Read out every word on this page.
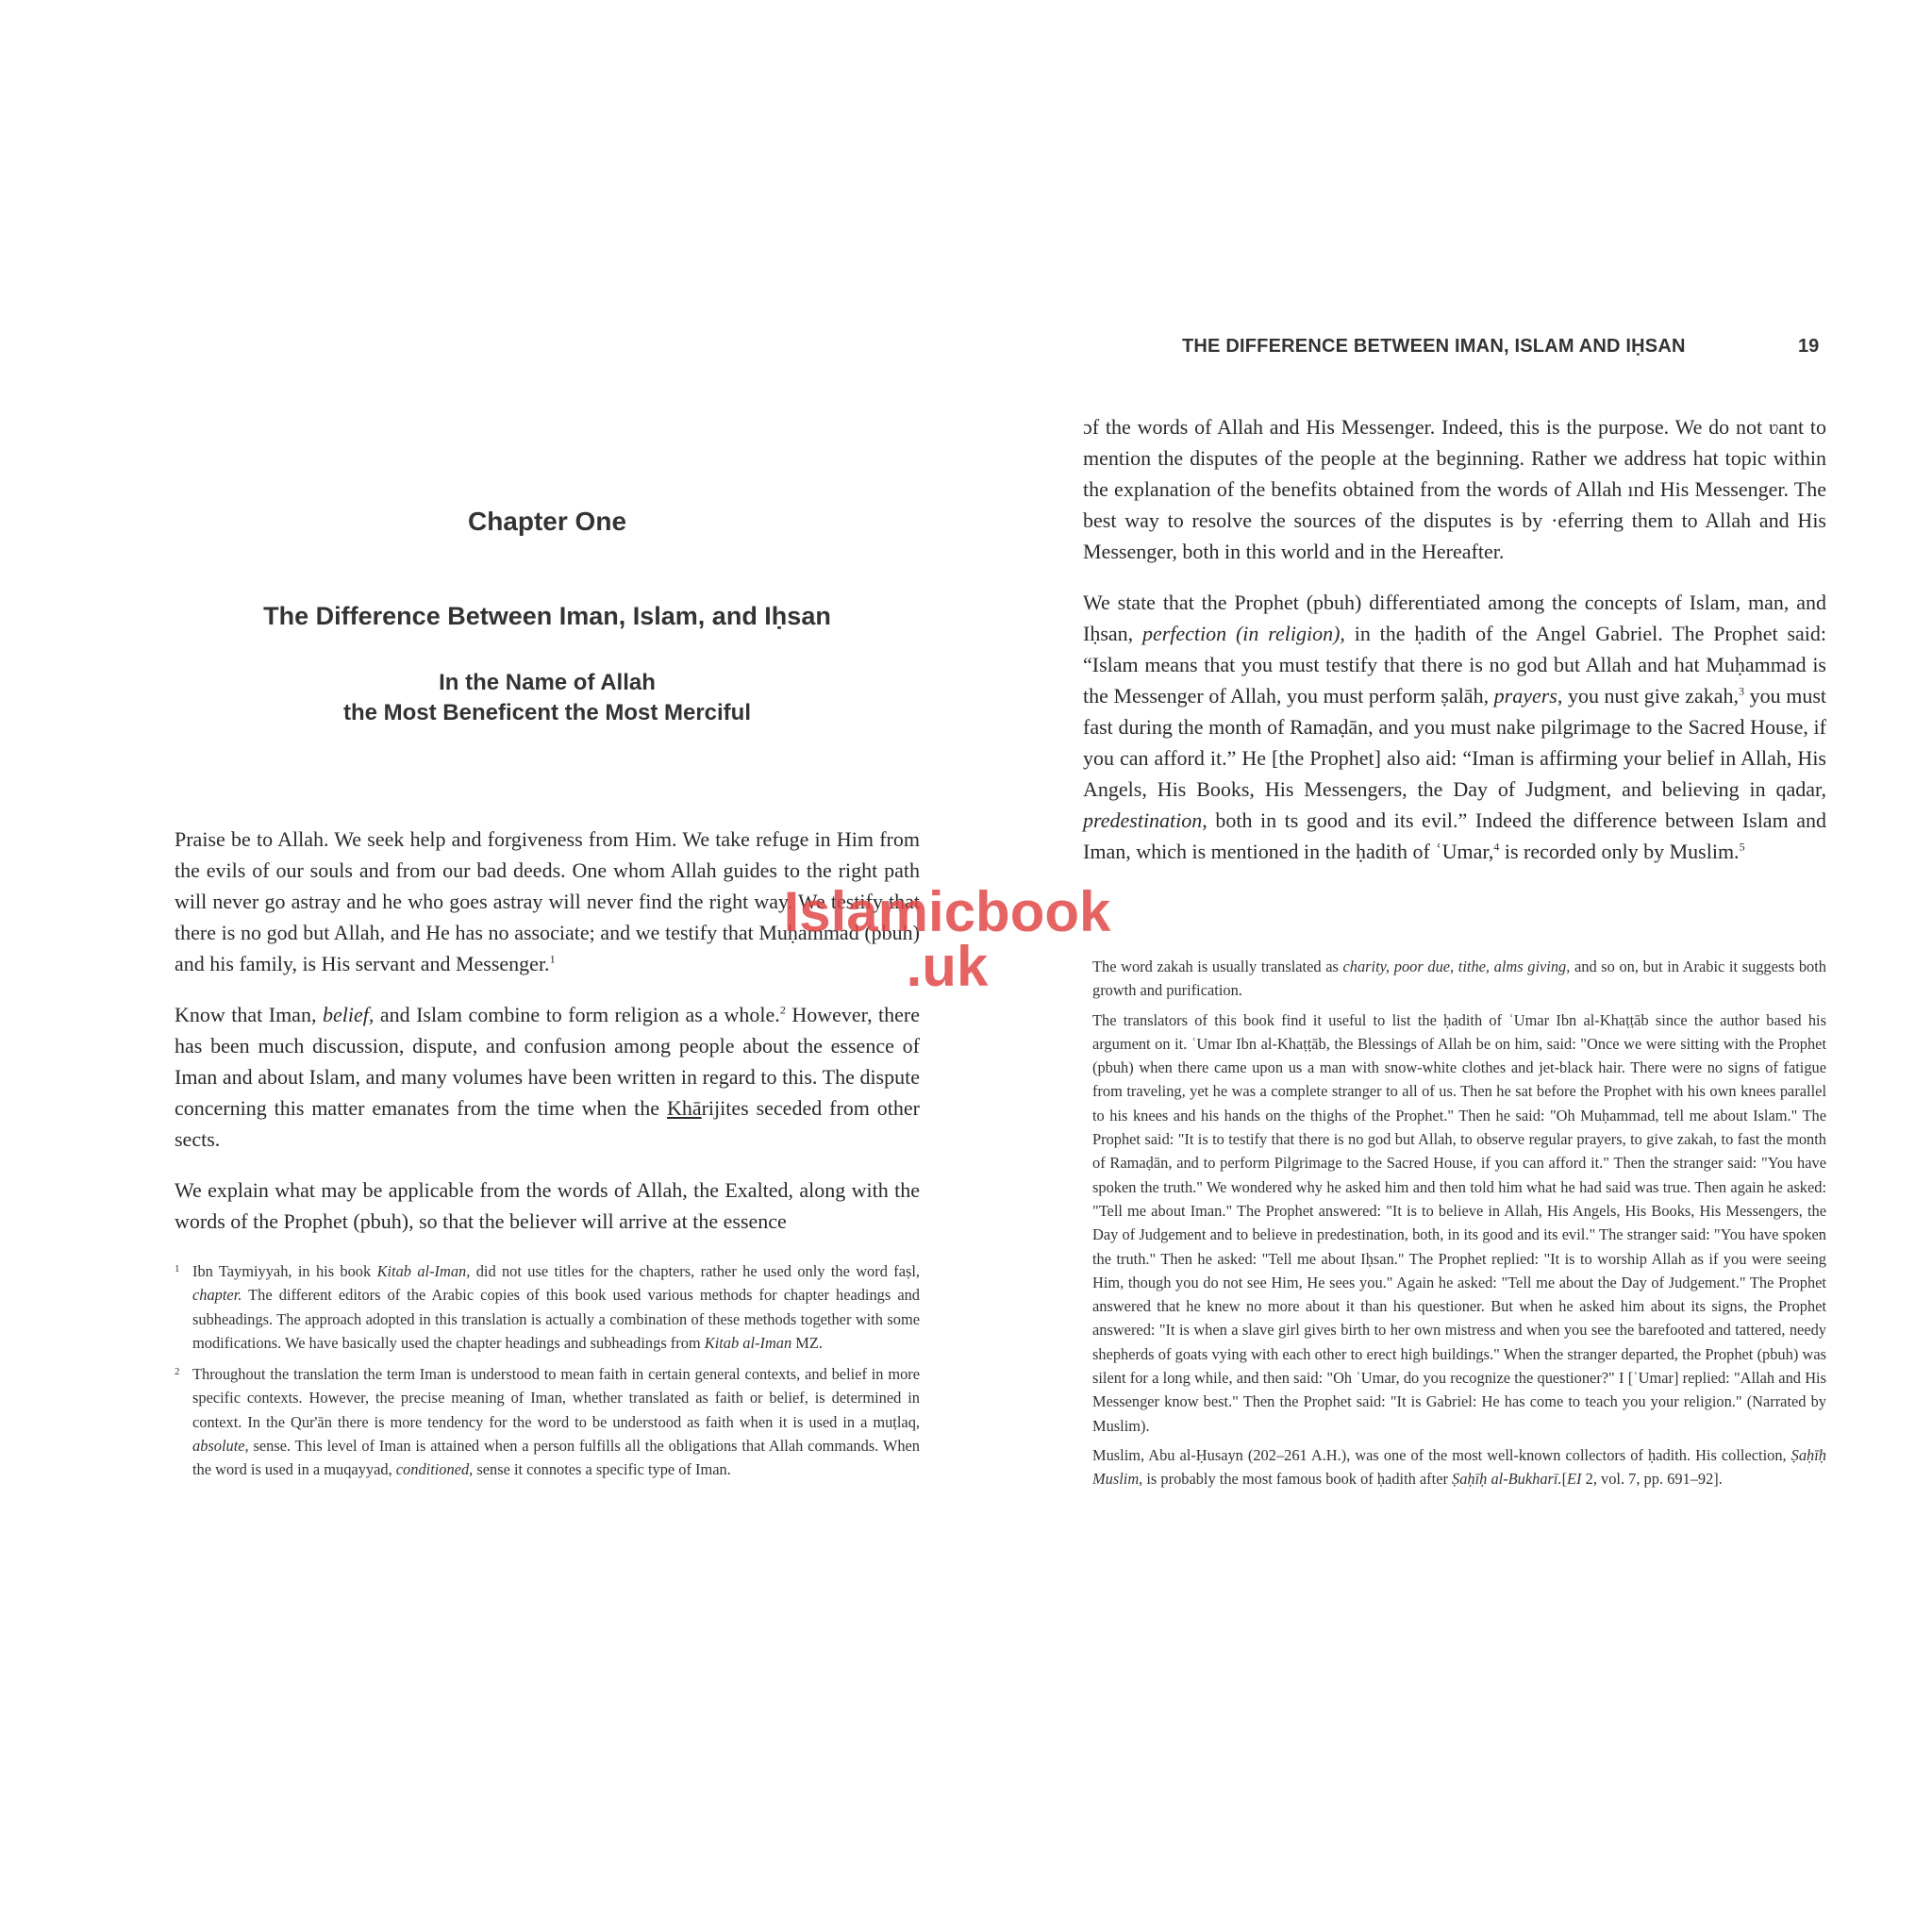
Chapter One
The Difference Between Iman, Islam, and Iḥsan
In the Name of Allah
the Most Beneficent the Most Merciful

Praise be to Allah. We seek help and forgiveness from Him. We take refuge in Him from the evils of our souls and from our bad deeds. One whom Allah guides to the right path will never go astray and he who goes astray will never find the right way. We testify that there is no god but Allah, and He has no associate; and we testify that Muḥammad (pbuh) and his family, is His servant and Messenger.$^1$

Know that Iman, belief, and Islam combine to form religion as a whole.$^2$ However, there has been much discussion, dispute, and confusion among people about the essence of Iman and about Islam, and many volumes have been written in regard to this. The dispute concerning this matter emanates from the time when the Khārijites seceded from other sects.

We explain what may be applicable from the words of Allah, the Exalted, along with the words of the Prophet (pbuh), so that the believer will arrive at the essence

1 Ibn Taymiyyah, in his book Kitab al-Iman, did not use titles for the chapters, rather he used only the word faṣl, chapter. The different editors of the Arabic copies of this book used various methods for chapter headings and subheadings. The approach adopted in this translation is actually a combination of these methods together with some modifications. We have basically used the chapter headings and subheadings from Kitab al-Iman MZ.
2 Throughout the translation the term Iman is understood to mean faith in certain general contexts, and belief in more specific contexts. However, the precise meaning of Iman, whether translated as faith or belief, is determined in context. In the Qur'ān there is more tendency for the word to be understood as faith when it is used in a muṭlaq, absolute, sense. This level of Iman is attained when a person fulfills all the obligations that Allah commands. When the word is used in a muqayyad, conditioned, sense it connotes a specific type of Iman.
THE DIFFERENCE BETWEEN IMAN, ISLAM AND IḤSAN	19

ɔf the words of Allah and His Messenger. Indeed, this is the purpose. We do not ʋant to mention the disputes of the people at the beginning. Rather we address hat topic within the explanation of the benefits obtained from the words of Allah ınd His Messenger. The best way to resolve the sources of the disputes is by ·eferring them to Allah and His Messenger, both in this world and in the Hereafter.

We state that the Prophet (pbuh) differentiated among the concepts of Islam, man, and Iḥsan, perfection (in religion), in the ḥadith of the Angel Gabriel. The Prophet said: “Islam means that you must testify that there is no god but Allah and hat Muḥammad is the Messenger of Allah, you must perform ṣalāh, prayers, you nust give zakah,$^3$ you must fast during the month of Ramaḍān, and you must nake pilgrimage to the Sacred House, if you can afford it.” He [the Prophet] also aid: “Iman is affirming your belief in Allah, His Angels, His Books, His Messengers, the Day of Judgment, and believing in qadar, predestination, both in ts good and its evil.” Indeed the difference between Islam and Iman, which is mentioned in the ḥadith of ʿUmar,$^4$ is recorded only by Muslim.$^5$

The word zakah is usually translated as charity, poor due, tithe, alms giving, and so on, but in Arabic it suggests both growth and purification.
The translators of this book find it useful to list the ḥadith of ʿUmar Ibn al-Khaṭṭāb since the author based his argument on it. ʿUmar Ibn al-Khaṭṭāb, the Blessings of Allah be on him, said: "Once we were sitting with the Prophet (pbuh) when there came upon us a man with snow-white clothes and jet-black hair. There were no signs of fatigue from traveling, yet he was a complete stranger to all of us. Then he sat before the Prophet with his own knees parallel to his knees and his hands on the thighs of the Prophet." Then he said: "Oh Muḥammad, tell me about Islam." The Prophet said: "It is to testify that there is no god but Allah, to observe regular prayers, to give zakah, to fast the month of Ramaḍān, and to perform Pilgrimage to the Sacred House, if you can afford it." Then the stranger said: "You have spoken the truth." We wondered why he asked him and then told him what he had said was true. Then again he asked: "Tell me about Iman." The Prophet answered: "It is to believe in Allah, His Angels, His Books, His Messengers, the Day of Judgement and to believe in predestination, both, in its good and its evil." The stranger said: "You have spoken the truth." Then he asked: "Tell me about Iḥsan." The Prophet replied: "It is to worship Allah as if you were seeing Him, though you do not see Him, He sees you." Again he asked: "Tell me about the Day of Judgement." The Prophet answered that he knew no more about it than his questioner. But when he asked him about its signs, the Prophet answered: "It is when a slave girl gives birth to her own mistress and when you see the barefooted and tattered, needy shepherds of goats vying with each other to erect high buildings." When the stranger departed, the Prophet (pbuh) was silent for a long while, and then said: "Oh ʿUmar, do you recognize the questioner?" I [ʿUmar] replied: "Allah and His Messenger know best." Then the Prophet said: "It is Gabriel: He has come to teach you your religion." (Narrated by Muslim).
Muslim, Abu al-Ḥusayn (202–261 A.H.), was one of the most well-known collectors of ḥadith. His collection, Ṣaḥīḥ Muslim, is probably the most famous book of ḥadith after Ṣaḥīḥ al-Bukharī.[EI 2, vol. 7, pp. 691–92].
Islamicbook
.uk
